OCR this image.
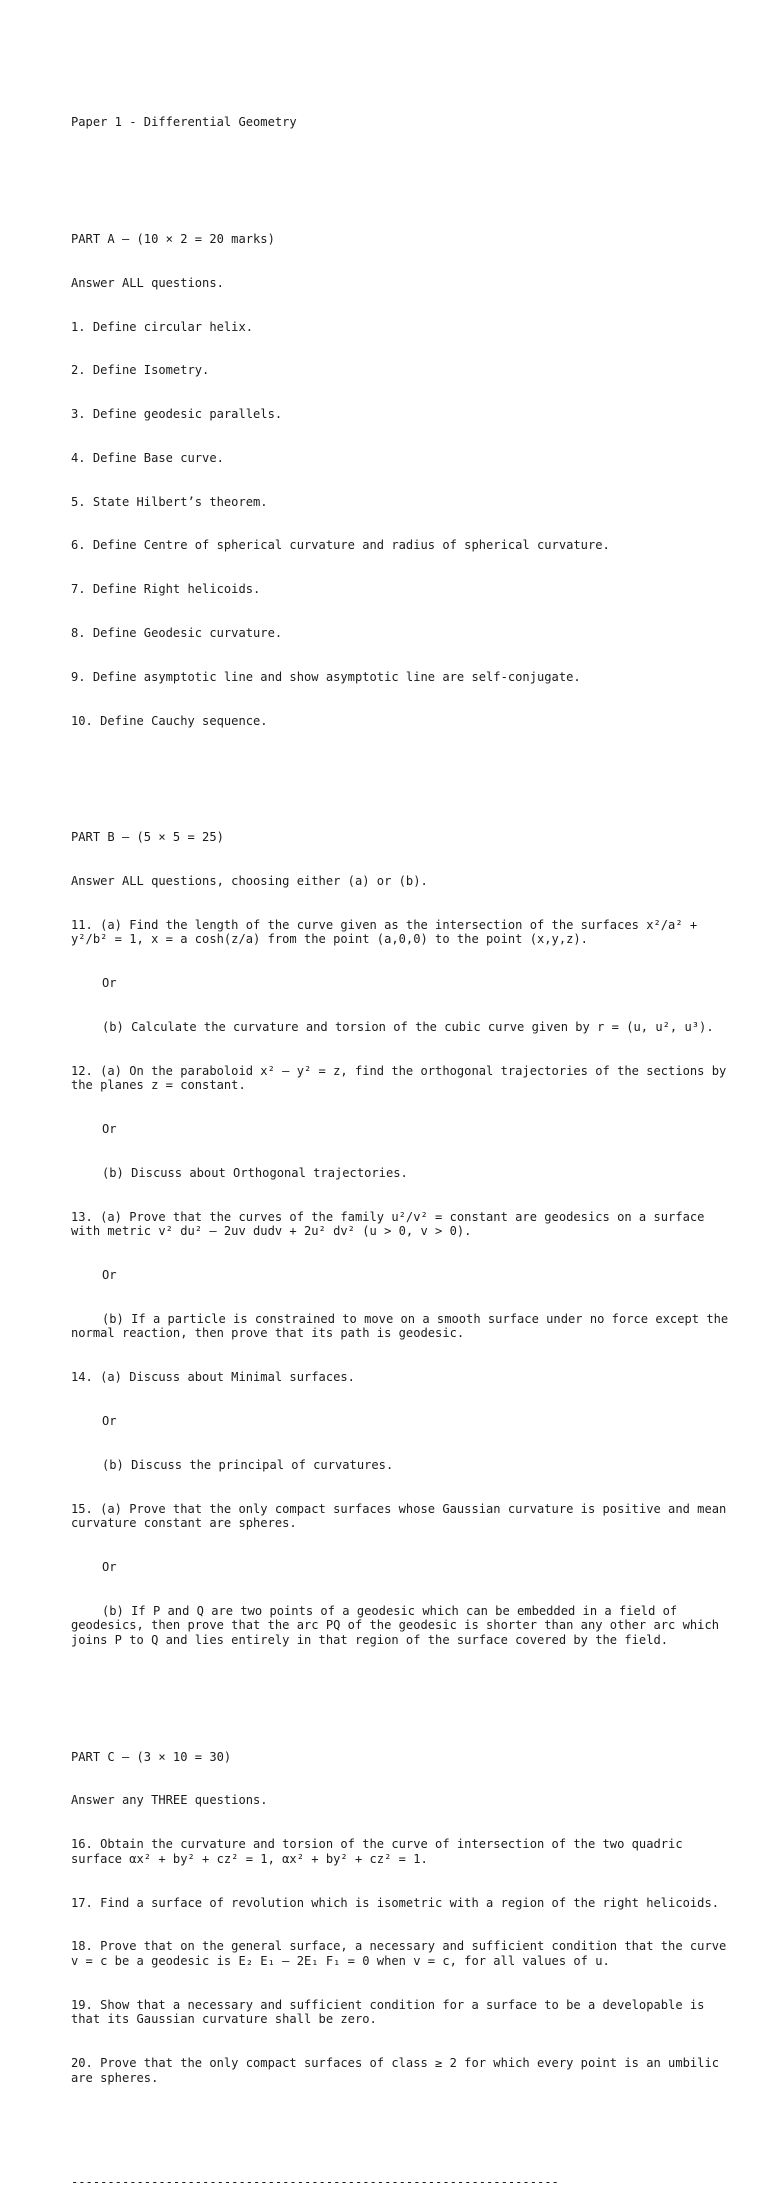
Paper 1 - Differential Geometry

PART A — (10 × 2 = 20 marks)

Answer ALL questions.

1. Define circular helix.

2. Define Isometry.

3. Define geodesic parallels.

4. Define Base curve.

5. State Hilbert’s theorem.

6. Define Centre of spherical curvature and radius of spherical curvature.

7. Define Right helicoids.

8. Define Geodesic curvature.

9. Define asymptotic line and show asymptotic line are self-conjugate.

10. Define Cauchy sequence.

PART B — (5 × 5 = 25)

Answer ALL questions, choosing either (a) or (b).

11. (a) Find the length of the curve given as the intersection of the surfaces x²/a² + y²/b² = 1, x = a cosh(z/a) from the point (a,0,0) to the point (x,y,z).

Or

(b) Calculate the curvature and torsion of the cubic curve given by r = (u, u², u³).

12. (a) On the paraboloid x² – y² = z, find the orthogonal trajectories of the sections by the planes z = constant.

Or

(b) Discuss about Orthogonal trajectories.

13. (a) Prove that the curves of the family u²/v² = constant are geodesics on a surface with metric v² du² – 2uv dudv + 2u² dv² (u > 0, v > 0).

Or

(b) If a particle is constrained to move on a smooth surface under no force except the normal reaction, then prove that its path is geodesic.

14. (a) Discuss about Minimal surfaces.

Or

(b) Discuss the principal of curvatures.

15. (a) Prove that the only compact surfaces whose Gaussian curvature is positive and mean curvature constant are spheres.

Or

(b) If P and Q are two points of a geodesic which can be embedded in a field of geodesics, then prove that the arc PQ of the geodesic is shorter than any other arc which joins P to Q and lies entirely in that region of the surface covered by the field.

PART C — (3 × 10 = 30)

Answer any THREE questions.

16. Obtain the curvature and torsion of the curve of intersection of the two quadric surface αx² + by² + cz² = 1, αx² + by² + cz² = 1.

17. Find a surface of revolution which is isometric with a region of the right helicoids.

18. Prove that on the general surface, a necessary and sufficient condition that the curve v = c be a geodesic is E₂ E₁ – 2E₁ F₁ = 0 when v = c, for all values of u.

19. Show that a necessary and sufficient condition for a surface to be a developable is that its Gaussian curvature shall be zero.

20. Prove that the only compact surfaces of class ≥ 2 for which every point is an umbilic are spheres.

-------------------------------------------------------------------
